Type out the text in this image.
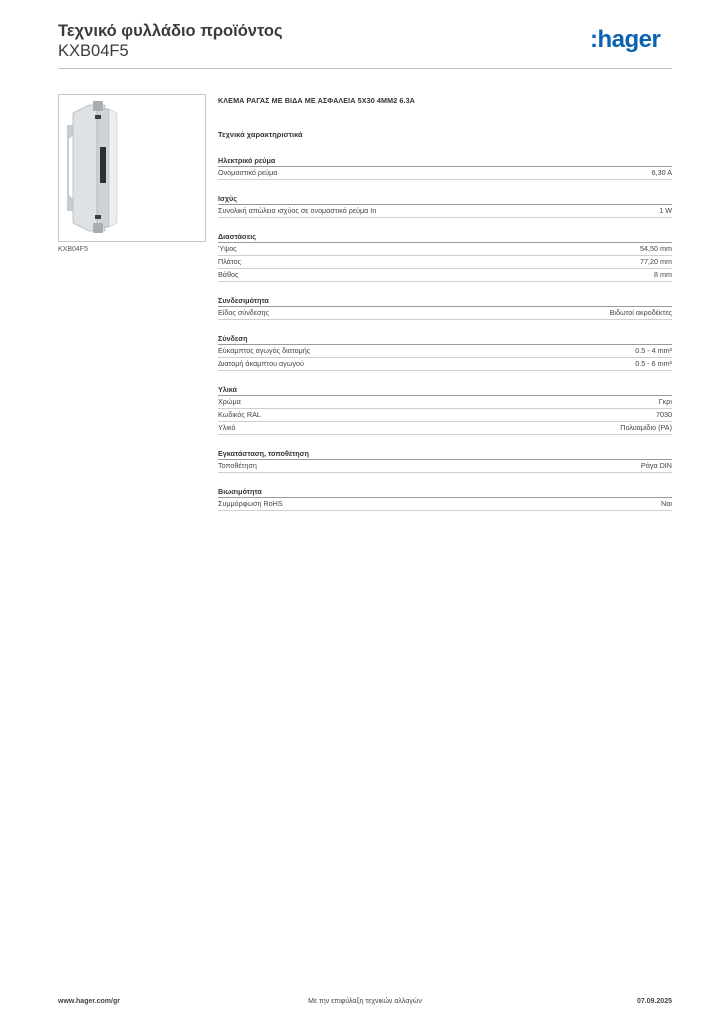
Τεχνικό φυλλάδιο προϊόντος
KXB04F5	:hager
KXB04F5
ΚΛΕΜΑ ΡΑΓΑΣ ΜΕ ΒΙΔΑ ΜΕ ΑΣΦΑΛΕΙΑ 5Χ30 4ΜΜ2 6.3Α
Τεχνικά χαρακτηριστικά
Ηλεκτρικό ρεύμα
Ονομαστικό ρεύμα	6,30 A
Ισχύς
Συνολική απώλεια ισχύος σε ονομαστικό ρεύμα In	1 W
Διαστάσεις
Ύψος	54,50 mm
Πλάτος	77,20 mm
Βάθος	8 mm
Συνδεσιμότητα
Είδος σύνδεσης	Βιδωτοί ακροδέκτες
Σύνδεση
Εύκαμπτος αγωγός διατομής	0.5 - 4 mm²
Διατομή άκαμπτου αγωγού	0.5 - 6 mm²
Υλικά
Χρώμα	Γκρι
Κωδικός RAL	7030
Υλικό	Πολυαμίδιο (PA)
Εγκατάσταση, τοποθέτηση
Τοποθέτηση	Ράγα DIN
Βιωσιμότητα
Συμμόρφωση RoHS	Ναι
www.hager.com/gr	Με την επιφύλαξη τεχνικών αλλαγών	07.09.2025
